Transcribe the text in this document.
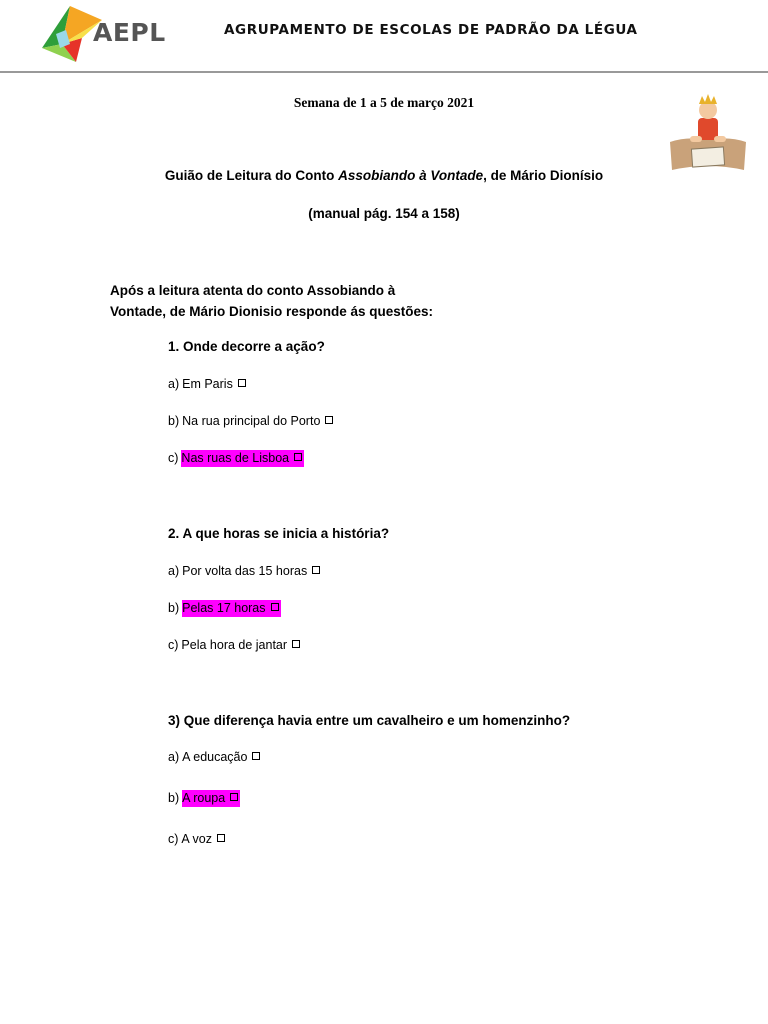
AEPL	AGRUPAMENTO DE ESCOLAS DE PADRÃO DA LÉGUA
Semana de 1 a 5 de março 2021
Guião de Leitura do Conto Assobiando à Vontade, de Mário Dionísio
(manual pág. 154 a 158)
Após a leitura atenta do conto Assobiando à
Vontade, de Mário Dionisio responde ás questões:
1. Onde decorre a ação?
a) Em Paris
b) Na rua principal do Porto
c) Nas ruas de Lisboa
2. A que horas se inicia a história?
a) Por volta das 15 horas
b) Pelas 17 horas
c) Pela hora de jantar
3) Que diferença havia entre um cavalheiro e um homenzinho?
a) A educação
b) A roupa
c) A voz
